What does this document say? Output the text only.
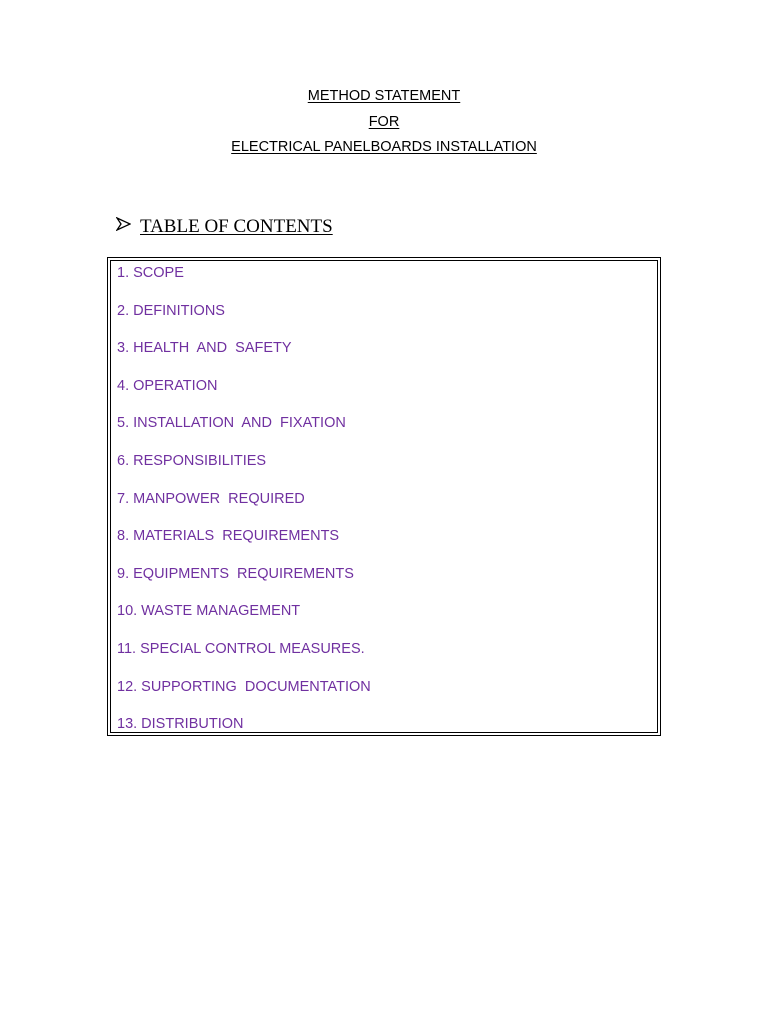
METHOD STATEMENT
FOR
ELECTRICAL PANELBOARDS INSTALLATION
TABLE OF CONTENTS
1. SCOPE
2. DEFINITIONS
3. HEALTH  AND  SAFETY
4. OPERATION
5. INSTALLATION  AND  FIXATION
6. RESPONSIBILITIES
7. MANPOWER  REQUIRED
8. MATERIALS  REQUIREMENTS
9. EQUIPMENTS  REQUIREMENTS
10. WASTE MANAGEMENT
11. SPECIAL CONTROL MEASURES.
12. SUPPORTING  DOCUMENTATION
13. DISTRIBUTION
